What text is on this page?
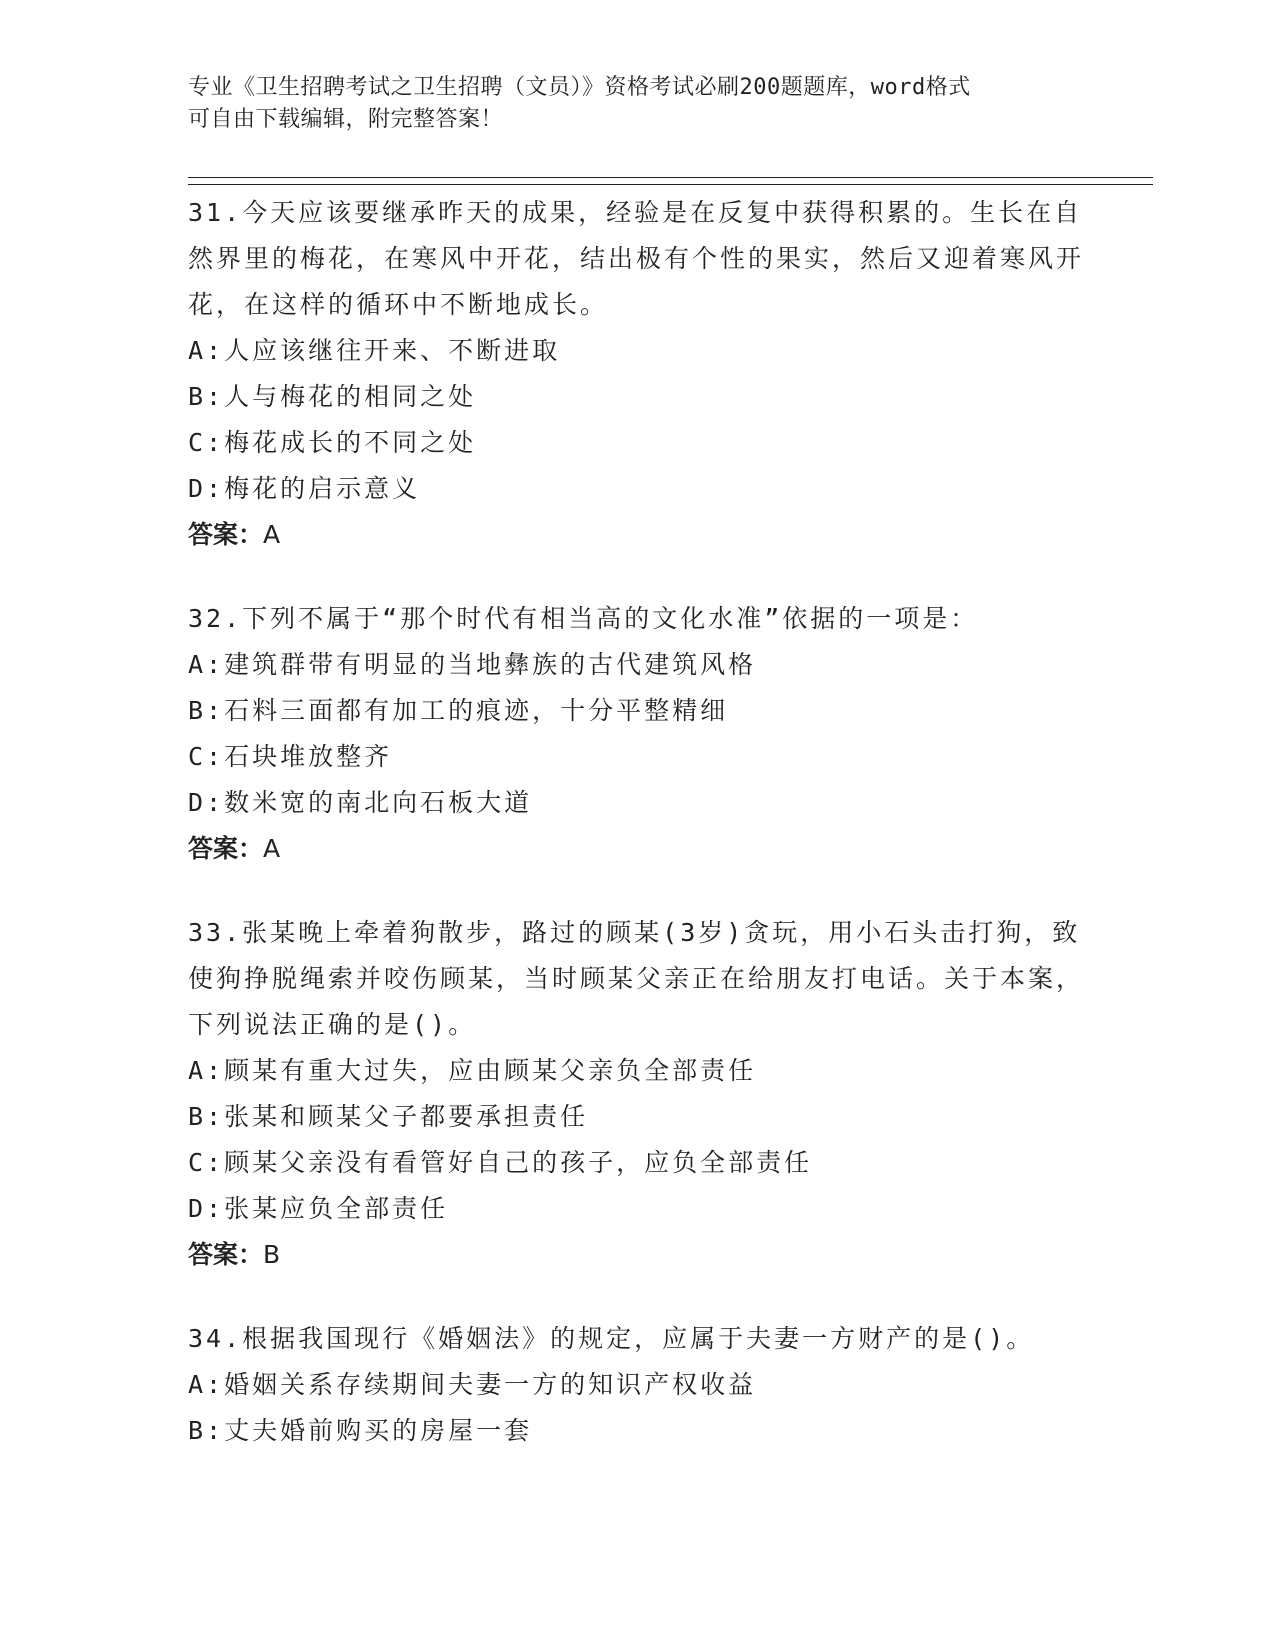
专业《卫生招聘考试之卫生招聘（文员）》资格考试必刷200题题库，word格式
可自由下载编辑，附完整答案！
31.今天应该要继承昨天的成果，经验是在反复中获得积累的。生长在自然界里的梅花，在寒风中开花，结出极有个性的果实，然后又迎着寒风开花，在这样的循环中不断地成长。
A: 人应该继往开来、不断进取
B: 人与梅花的相同之处
C: 梅花成长的不同之处
D: 梅花的启示意义
答案：A
32.下列不属于“那个时代有相当高的文化水准”依据的一项是：
A: 建筑群带有明显的当地彝族的古代建筑风格
B: 石料三面都有加工的痕迹，十分平整精细
C: 石块堆放整齐
D: 数米宽的南北向石板大道
答案：A
33.张某晚上牵着狗散步，路过的顾某(3岁)贪玩，用小石头击打狗，致使狗挣脱绳索并咬伤顾某，当时顾某父亲正在给朋友打电话。关于本案，下列说法正确的是()。
A: 顾某有重大过失，应由顾某父亲负全部责任
B: 张某和顾某父子都要承担责任
C: 顾某父亲没有看管好自己的孩子，应负全部责任
D: 张某应负全部责任
答案：B
34.根据我国现行《婚姻法》的规定，应属于夫妻一方财产的是()。
A: 婚姻关系存续期间夫妻一方的知识产权收益
B: 丈夫婚前购买的房屋一套
